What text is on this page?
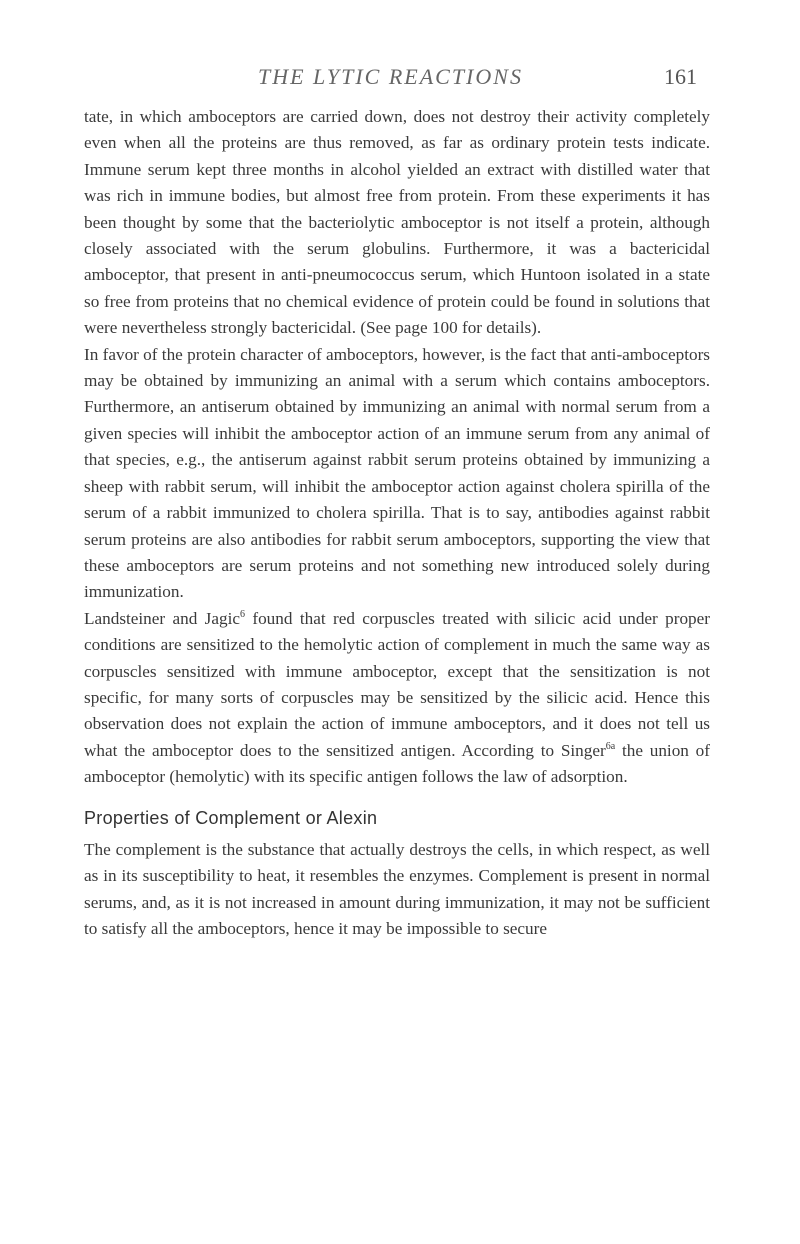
THE LYTIC REACTIONS	161

tate, in which amboceptors are carried down, does not destroy their activity completely even when all the proteins are thus removed, as far as ordinary protein tests indicate. Immune serum kept three months in alcohol yielded an extract with distilled water that was rich in immune bodies, but almost free from protein. From these experiments it has been thought by some that the bacteriolytic amboceptor is not itself a protein, although closely associated with the serum globulins. Furthermore, it was a bactericidal amboceptor, that present in anti-pneumococcus serum, which Huntoon isolated in a state so free from proteins that no chemical evidence of protein could be found in solutions that were nevertheless strongly bactericidal. (See page 100 for details).

In favor of the protein character of amboceptors, however, is the fact that anti-amboceptors may be obtained by immunizing an animal with a serum which contains amboceptors. Furthermore, an antiserum obtained by immunizing an animal with normal serum from a given species will inhibit the amboceptor action of an immune serum from any animal of that species, e.g., the antiserum against rabbit serum proteins obtained by immunizing a sheep with rabbit serum, will inhibit the amboceptor action against cholera spirilla of the serum of a rabbit immunized to cholera spirilla. That is to say, antibodies against rabbit serum proteins are also antibodies for rabbit serum amboceptors, supporting the view that these amboceptors are serum proteins and not something new introduced solely during immunization.

Landsteiner and Jagic$^6$ found that red corpuscles treated with silicic acid under proper conditions are sensitized to the hemolytic action of complement in much the same way as corpuscles sensitized with immune amboceptor, except that the sensitization is not specific, for many sorts of corpuscles may be sensitized by the silicic acid. Hence this observation does not explain the action of immune amboceptors, and it does not tell us what the amboceptor does to the sensitized antigen. According to Singer$^{6a}$ the union of amboceptor (hemolytic) with its specific antigen follows the law of adsorption.

Properties of Complement or Alexin

The complement is the substance that actually destroys the cells, in which respect, as well as in its susceptibility to heat, it resembles the enzymes. Complement is present in normal serums, and, as it is not increased in amount during immunization, it may not be sufficient to satisfy all the amboceptors, hence it may be impossible to secure
